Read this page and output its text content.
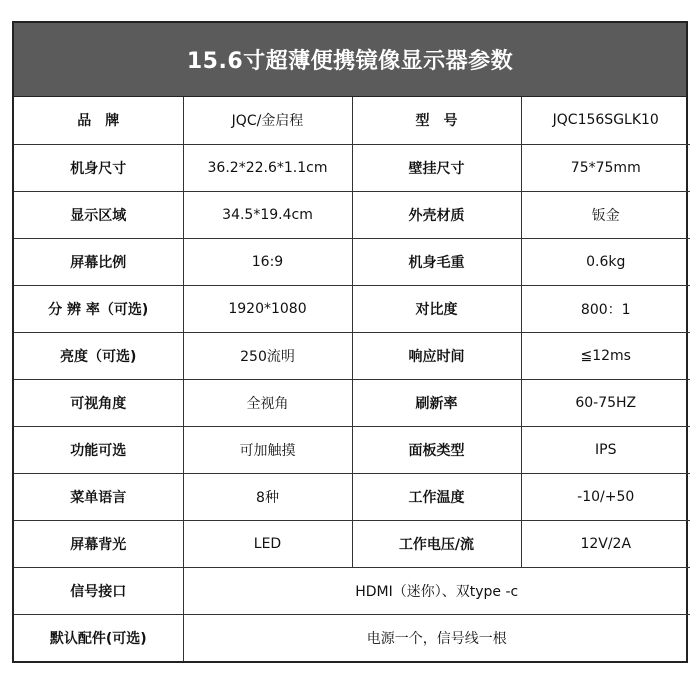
15.6寸超薄便携镜像显示器参数
品　牌	JQC/金启程	型　号	JQC156SGLK10
机身尺寸	36.2*22.6*1.1cm	壁挂尺寸	75*75mm
显示区域	34.5*19.4cm	外壳材质	钣金
屏幕比例	16:9	机身毛重	0.6kg
分 辨 率（可选)	1920*1080	对比度	800：1
亮度（可选)	250流明	响应时间	≦12ms
可视角度	全视角	刷新率	60-75HZ
功能可选	可加触摸	面板类型	IPS
菜单语言	8种	工作温度	-10/+50
屏幕背光	LED	工作电压/流	12V/2A
信号接口	HDMI（迷你）、双type -c		
默认配件(可选)	电源一个，信号线一根		
